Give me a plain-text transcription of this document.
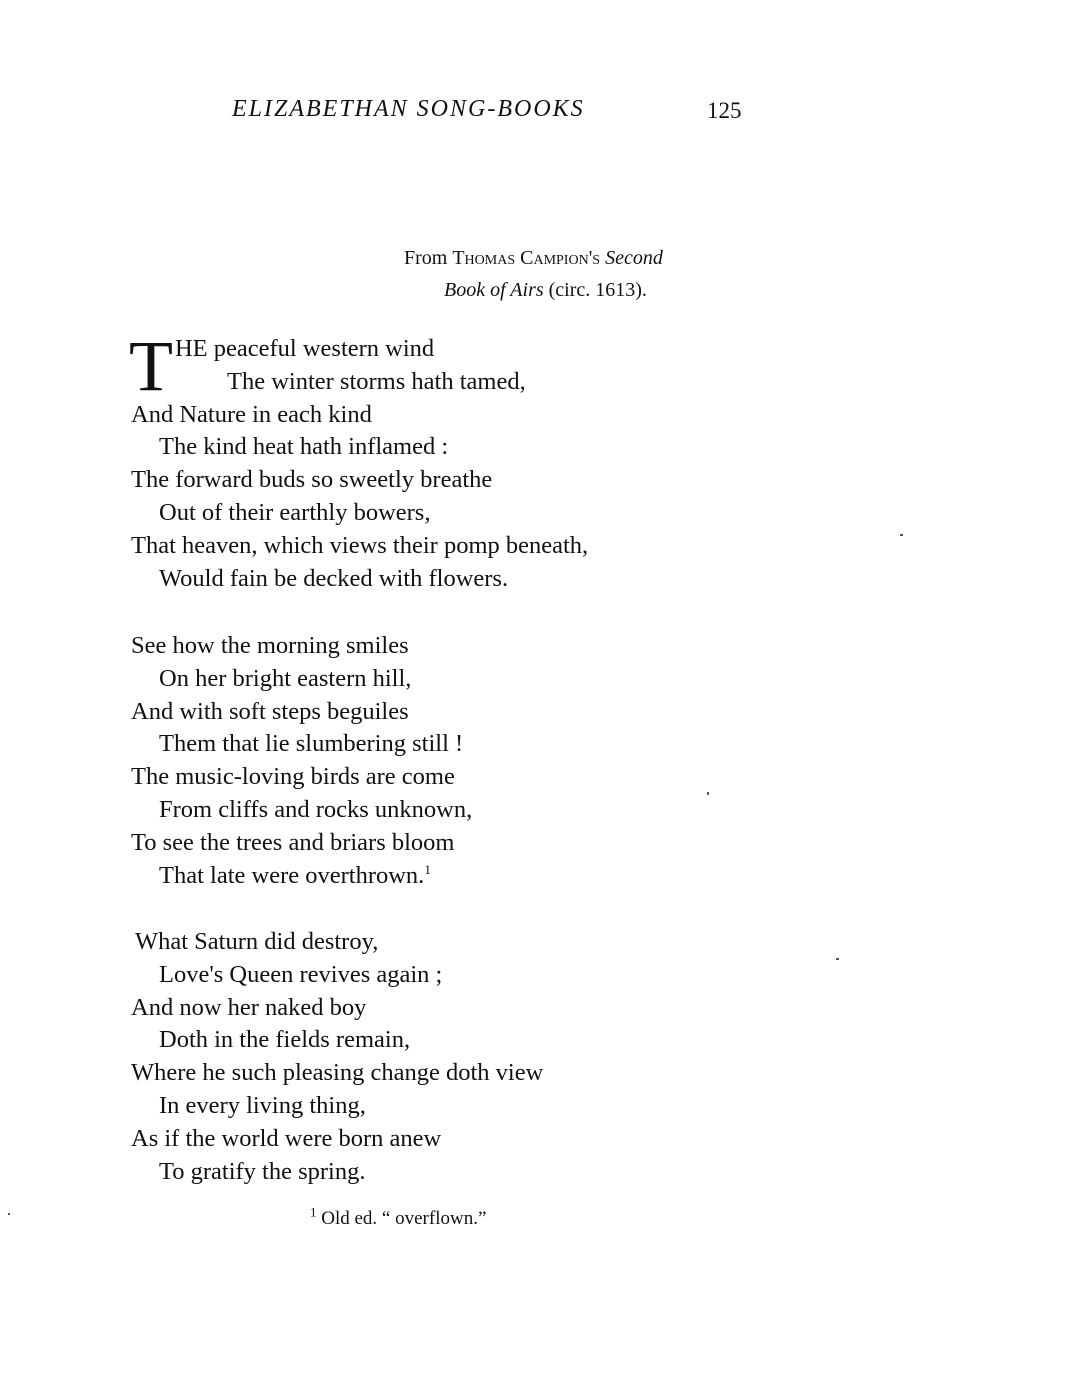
ELIZABETHAN SONG-BOOKS	125
From Thomas Campion's Second
Book of Airs (circ. 1613).
T HE peaceful western wind
The winter storms hath tamed,
And Nature in each kind
The kind heat hath inflamed :
The forward buds so sweetly breathe
Out of their earthly bowers,
That heaven, which views their pomp beneath,
Would fain be decked with flowers.
See how the morning smiles
On her bright eastern hill,
And with soft steps beguiles
Them that lie slumbering still !
The music-loving birds are come
From cliffs and rocks unknown,
To see the trees and briars bloom
That late were overthrown.$^1$
What Saturn did destroy,
Love's Queen revives again ;
And now her naked boy
Doth in the fields remain,
Where he such pleasing change doth view
In every living thing,
As if the world were born anew
To gratify the spring.
$^1$ Old ed. “ overflown.”
